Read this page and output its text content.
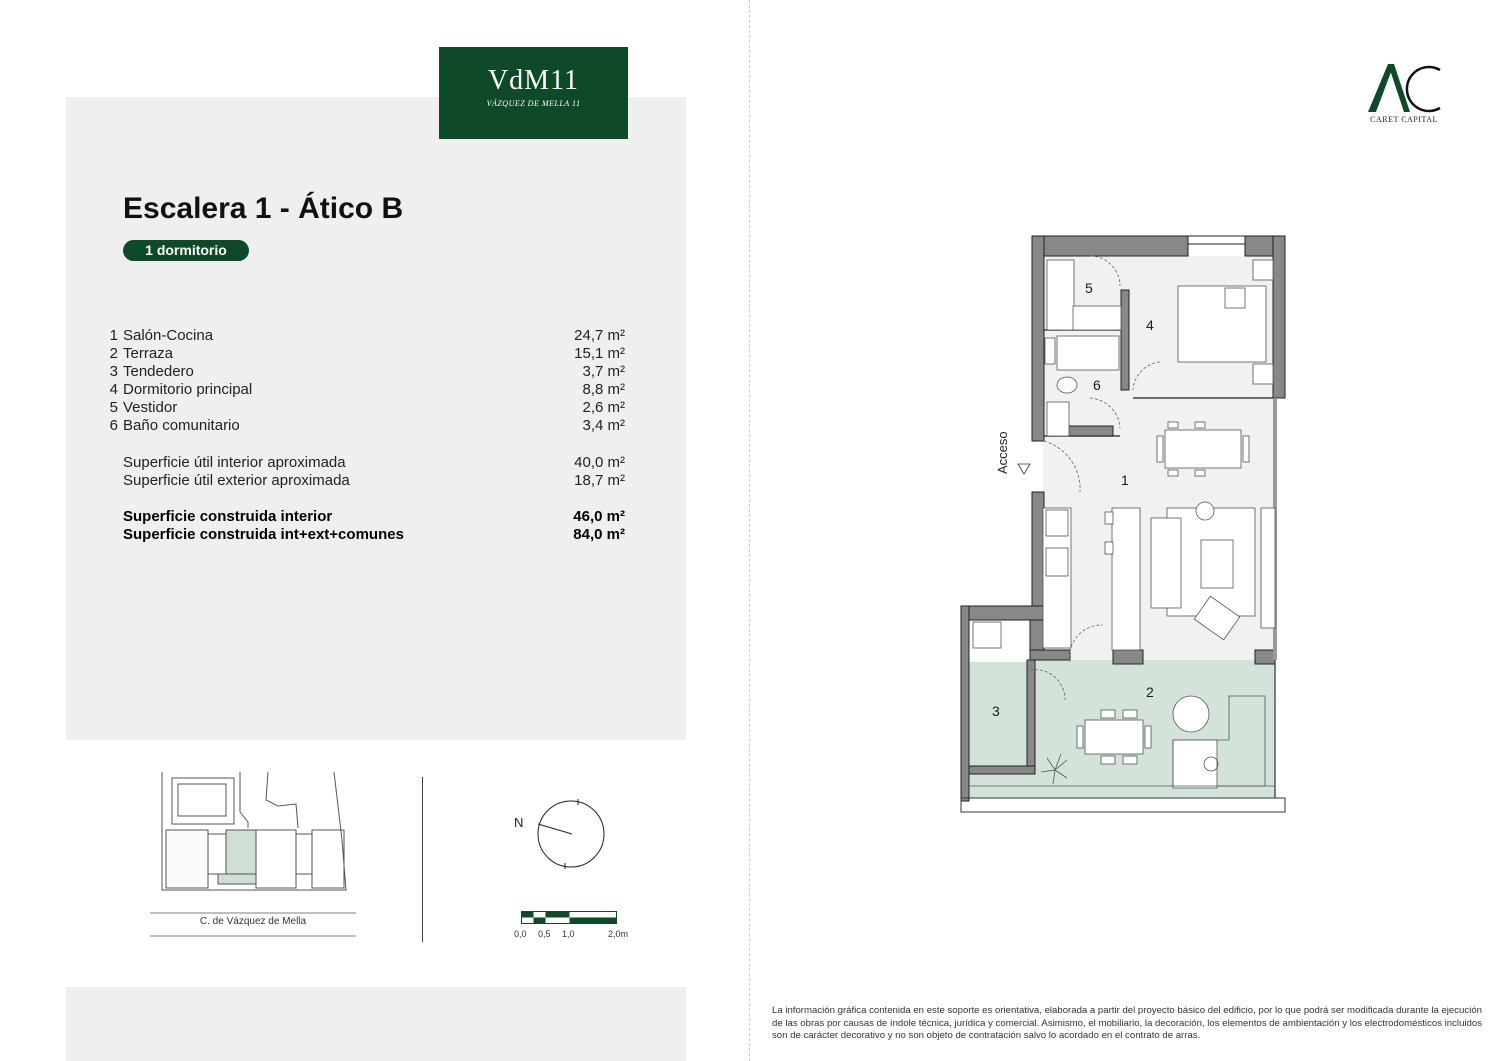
VdM11
VÁZQUEZ DE MELLA 11
Escalera 1 - Ático B
1 dormitorio
1 Salón-Cocina	24,7 m²
2 Terraza	15,1 m²
3 Tendedero	3,7 m²
4 Dormitorio principal	8,8 m²
5 Vestidor	2,6 m²
6 Baño comunitario	3,4 m²
Superficie útil interior aproximada	40,0 m²
Superficie útil exterior aproximada	18,7 m²
Superficie construida interior	46,0 m²
Superficie construida int+ext+comunes	84,0 m²
C. de Vázquez de Mella
N
0,0 0,5 1,0	2,0m
CARET CAPITAL
Acceso
1
2
3
4
5
6
La información gráfica contenida en este soporte es orientativa, elaborada a partir del proyecto básico del edificio, por lo que podrá ser modificada durante la ejecución de las obras por causas de índole técnica, jurídica y comercial. Asimismo, el mobiliario, la decoración, los elementos de ambientación y los electrodomésticos incluidos son de carácter decorativo y no son objeto de contratación salvo lo acordado en el contrato de arras.
